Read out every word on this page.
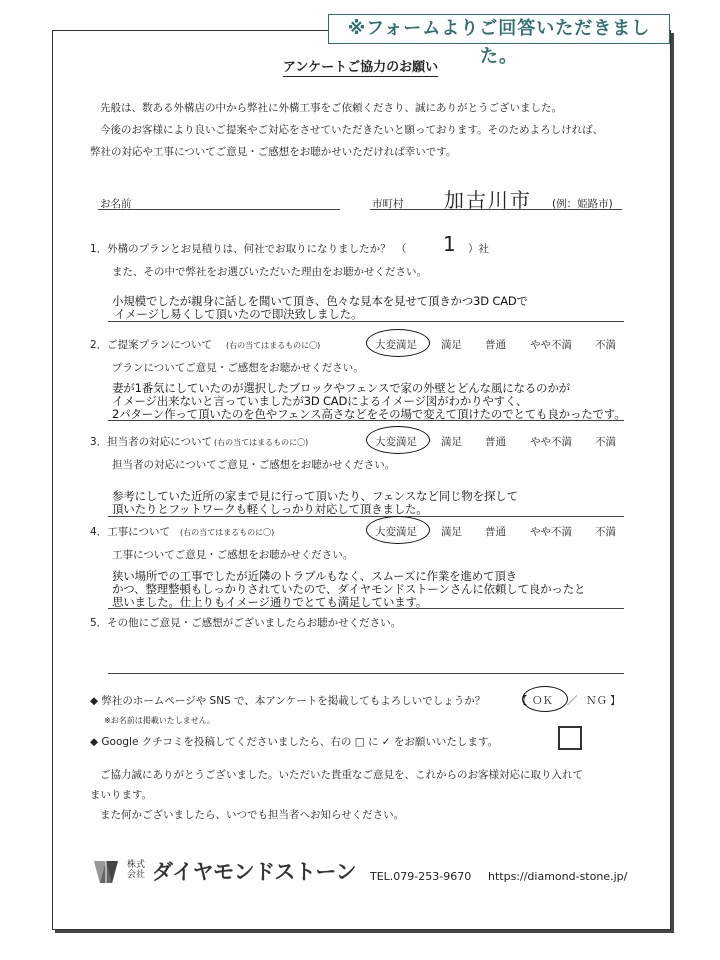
※フォームよりご回答いただきました。
アンケートご協力のお願い
先般は、数ある外構店の中から弊社に外構工事をご依頼くださり、誠にありがとうございました。
今後のお客様により良いご提案やご対応をさせていただきたいと願っております。そのためよろしければ、
弊社の対応や工事についてご意見・ご感想をお聴かせいただければ幸いです。
お名前	市町村 加古川市 (例：姫路市)
1．外構のプランとお見積りは、何社でお取りになりましたか？　（ 1 ）社
また、その中で弊社をお選びいただいた理由をお聴かせください。
小規模でしたが親身に話しを聞いて頂き、色々な見本を見せて頂きかつ3D CADで
イメージし易くして頂いたので即決致しました。
2．ご提案プランについて (右の当てはまるものに〇)	大変満足 満足 普通 やや不満 不満
プランについてご意見・ご感想をお聴かせください。
妻が1番気にしていたのが選択したブロックやフェンスで家の外壁とどんな風になるのかが
イメージ出来ないと言っていましたが3D CADによるイメージ図がわかりやすく、
2パターン作って頂いたのを色やフェンス高さなどをその場で変えて頂けたのでとても良かったです。
3．担当者の対応について (右の当てはまるものに〇)	大変満足 満足 普通 やや不満 不満
担当者の対応についてご意見・ご感想をお聴かせください。
参考にしていた近所の家まで見に行って頂いたり、フェンスなど同じ物を探して
頂いたりとフットワークも軽くしっかり対応して頂きました。
4．工事について (右の当てはまるものに〇)	大変満足 満足 普通 やや不満 不満
工事についてご意見・ご感想をお聴かせください。
狭い場所での工事でしたが近隣のトラブルもなく、スムーズに作業を進めて頂き
かつ、整理整頓もしっかりされていたので、ダイヤモンドストーンさんに依頼して良かったと
思いました。仕上りもイメージ通りでとても満足しています。
5．その他にご意見・ご感想がございましたらお聴かせください。
◆ 弊社のホームページや SNS で、本アンケートを掲載してもよろしいでしょうか？	【 ＯＫ ／ ＮＧ 】
※お名前は掲載いたしません。
◆ Google クチコミを投稿してくださいましたら、右の □ に ✓ をお願いいたします。
ご協力誠にありがとうございました。いただいた貴重なご意見を、これからのお客様対応に取り入れて
まいります。
また何かございましたら、いつでも担当者へお知らせください。
株式
会社 ダイヤモンドストーン TEL.079-253-9670 https://diamond-stone.jp/
